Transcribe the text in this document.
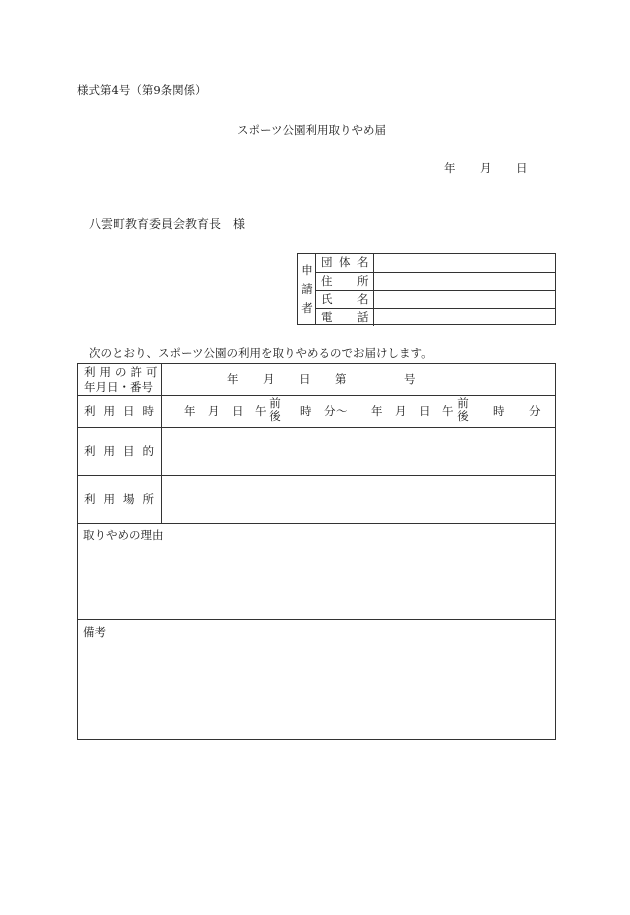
様式第4号（第9条関係）
スポーツ公園利用取りやめ届
年 月 日
八雲町教育委員会教育長　様
申
請
者
団 体 名
住 所
氏 名
電 話
次のとおり、スポーツ公園の利用を取りやめるのでお届けします。
利用の許可
年月日・番号
年 月 日 第	号
利用日時 年 月 日 午
前
後 時 分 ～ 年 月 日 午
前
後 時 分
利用目的
利用場所
取りやめの理由
備考
